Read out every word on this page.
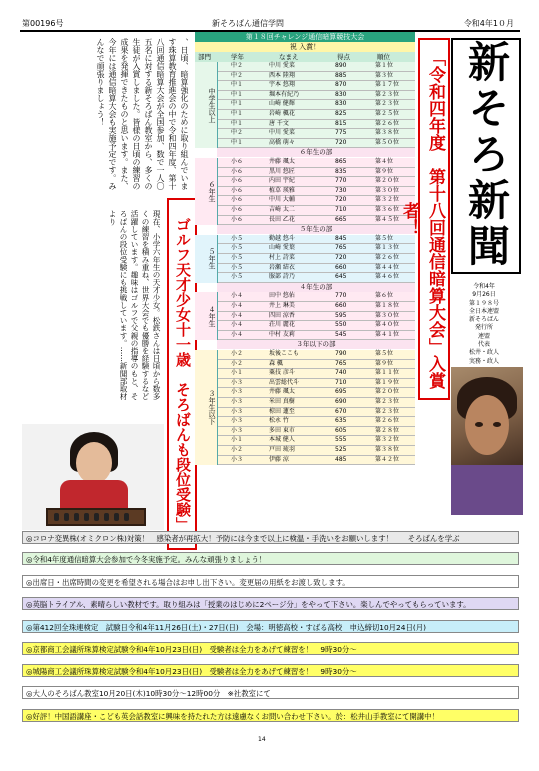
第00196号	新そろばん通信学問	令和4年1０月
、日頃、暗算強化のために取り組んでいます珠算教育推進会の中で令和四年度、第十八回通信暗算大会が全国参加、数で一人〇五名に対する新そろばん教室から、多くの生徒が入賞しました。皆様の日頃の練習の成果を発揮できたものと思います。また、今年には通信暗算大会も実施予定です。みんなで頑張りましょう！
現在、小学六年生の天才少女。松鉄さんは日頃から数多くの練習を積み重ね、世界大会でも優勝を経験するなど活躍しています。趣味はゴルフで父親の指導のもと、そろばんの段位受験にも挑戦しています。……新聞部取材より	ゴルフ天才少女十一歳　そろばんも段位受験」
第１８回チャレンジ通信暗算競技大会
祝 入賞！
部門	学年	なまえ	得点	順位
中２	中川 愛菜	890	第１位
中２	西本 陸翔	885	第３位
中１	宇本 悠翔	870	第１７位
中１	堀本有紀乃	830	第２３位
中１	山崎 健輝	830	第２３位
中１	岩崎 楓花	825	第２５位
中１	唐 千文	815	第２６位
中２	中川 愛菜	775	第３８位
中１	高橋 萌々	720	第５０位
中学生以上
６年生の部
小６	井藤 颯太	865	第４位
小６	黒川 悠匠	835	第９位
小６	内田 宇紀	770	第２０位
小６	植草 瑛雅	730	第３０位
小６	中川 大輔	720	第３２位
小６	吉崎 太二	710	第３６位
小６	長田 乙花	665	第４５位
６年生
５年生の部
小５	勤越 悠斗	845	第５位
小５	山崎 愛葉	765	第１３位
小５	村上 詩菜	720	第２６位
小５	岩瀬 結衣	660	第４４位
小５	服部 詩乃	645	第４６位
５年生
４年生の部
小４	田中 悠佑	770	第６位
小４	井上 琳美	660	第１８位
小４	四田 涼香	595	第３０位
小４	荘川 麗花	550	第４０位
小４	中村 友莉	545	第４１位
４年生
３年以下の部
小２	坂後ここも	790	第５位
小２	森 楓	765	第９位
小１	粟技 彦斗	740	第１１位
小３	出雲総代斗	710	第１９位
小３	井藤 颯太	695	第２０位
小３	米田 真樹	690	第２３位
小３	椋田 蓮至	670	第２３位
小３	松永 竹	635	第２６位
小３	多田 東市	605	第２８位
小１	本城 健人	555	第３２位
小２	戸田 琉羽	525	第３８位
小３	伊藤 涼	485	第４２位
３年生以下
「令和四年度　第十八回通信暗算大会」入賞者！	新そろ新聞
令和4年
9月26日
第１９８号
全日本連盟
新そろばん
発行所
連盟
代表
松井・政人
実務・政人
◎コロナ変異株(オミクロン株)対策！　感染者が再拡大！予防には今まで以上に検温・手洗いをお願いします！　　そろばんを学ぶ
◎令和4年度通信暗算大会参加で今冬実施予定。みんな頑張りましょう！
◎出席日・出席時間の変更を希望される場合はお申し出下さい。変更届の用紙をお渡し致します。
◎英脳トライアル、素晴らしい教材です。取り組みは「授業のはじめに2ページ分」をやって下さい。楽しんでやってもらっています。
◎第412回全珠連検定　試験日令和4年11月26日(土)・27日(日)　会場：明徳高校・すばる高校　申込締切10月24日(月)
◎京都商工会議所珠算検定試験令和4年10月23日(日)　受験者は全力をあげて練習を！　9時30分～
◎城陽商工会議所珠算検定試験令和4年10月23日(日)　受験者は全力をあげて練習を！　9時30分～
◎大人のそろばん教室10月20日(木)10時30分～12時00分　※社教室にて
◎好評！中国語講座・こども英会話教室に興味を持たれた方は遠慮なくお問い合わせ下さい。於：松井山手教室にて開講中！
14
